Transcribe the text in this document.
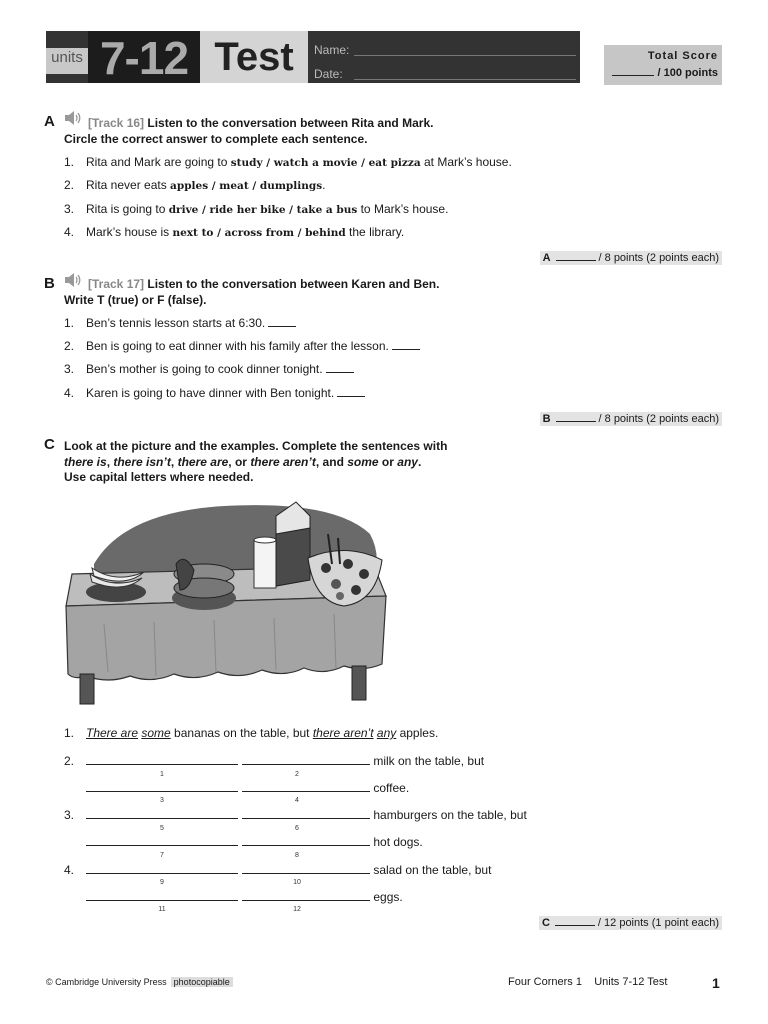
units 7-12 Test	Name:
Date:
Total Score
/ 100 points
A	[Track 16] Listen to the conversation between Rita and Mark.
Circle the correct answer to complete each sentence.
1. Rita and Mark are going to study / watch a movie / eat pizza at Mark’s house.
2. Rita never eats apples / meat / dumplings.
3. Rita is going to drive / ride her bike / take a bus to Mark’s house.
4. Mark’s house is next to / across from / behind the library.
A	/ 8 points (2 points each)
B	[Track 17] Listen to the conversation between Karen and Ben.
Write T (true) or F (false).
1. Ben’s tennis lesson starts at 6:30.
2. Ben is going to eat dinner with his family after the lesson.
3. Ben’s mother is going to cook dinner tonight.
4. Karen is going to have dinner with Ben tonight.
B	/ 8 points (2 points each)
C Look at the picture and the examples. Complete the sentences with
there is, there isn’t, there are, or there aren’t, and some or any.
Use capital letters where needed.
1. There are some bananas on the table, but there aren’t any apples.
2.	milk on the table, but
1	2
coffee.
3	4
3.	hamburgers on the table, but
5	6
hot dogs.
7	8
4.	salad on the table, but
9	10
eggs.
11	12
C	/ 12 points (1 point each)
© Cambridge University Press photocopiable	Four Corners 1 Units 7-12 Test	1
